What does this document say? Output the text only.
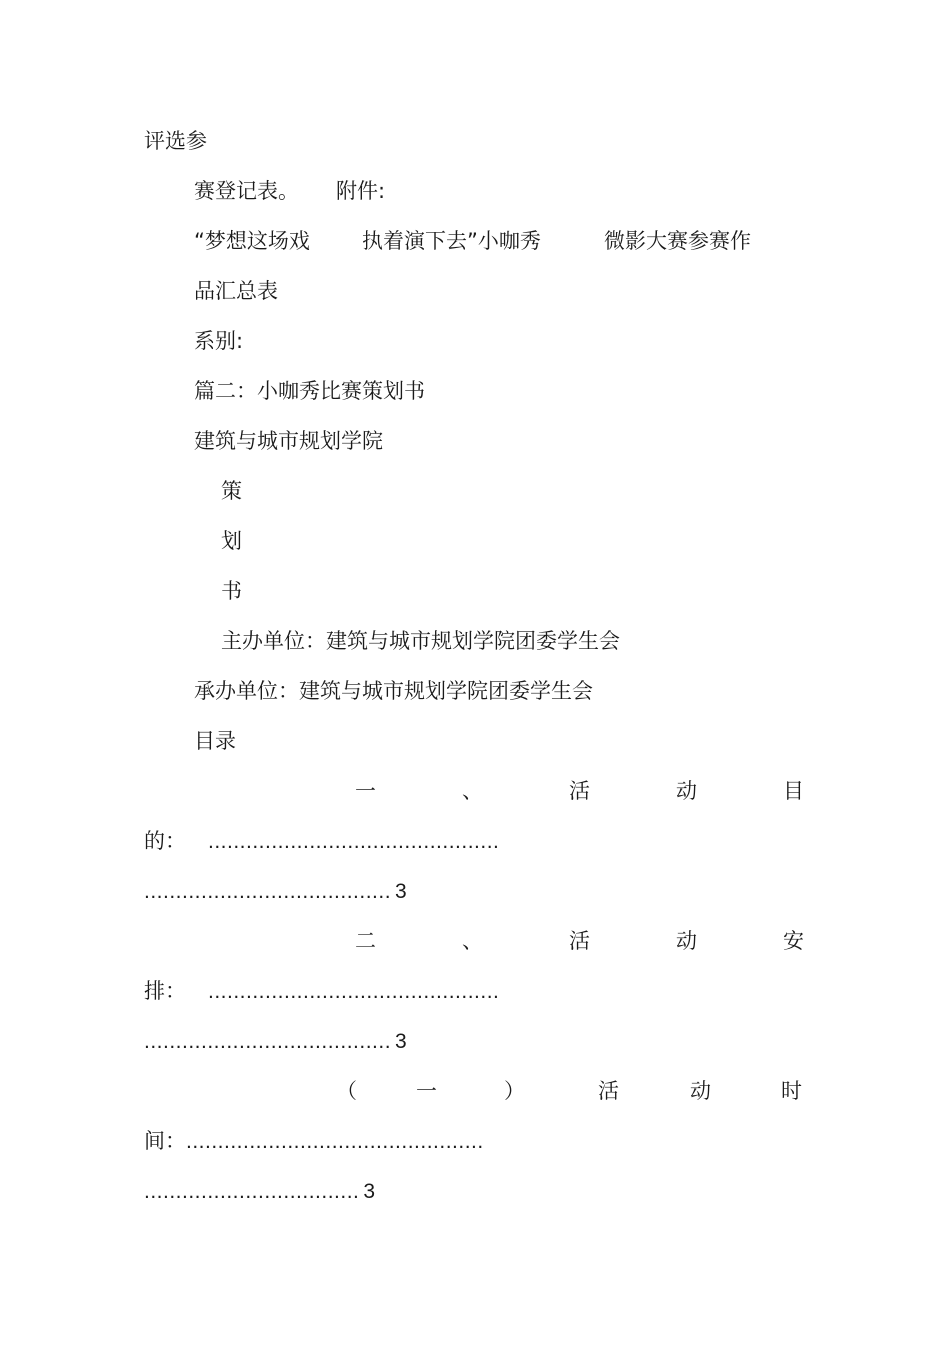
评选参
赛登记表。 附件:
“梦想这场戏 执着演下去”小咖秀	微影大赛参赛作
品汇总表
系别:
篇二：小咖秀比赛策划书
建筑与城市规划学院
策
划
书
主办单位：建筑与城市规划学院团委学生会
承办单位：建筑与城市规划学院团委学生会
目录
一	、	活	动	目
的： ..............................................
....................................... 3
二	、	活	动	安
排： ..............................................
....................................... 3
（	一	）	活	动	时
间：...............................................
.................................. 3
